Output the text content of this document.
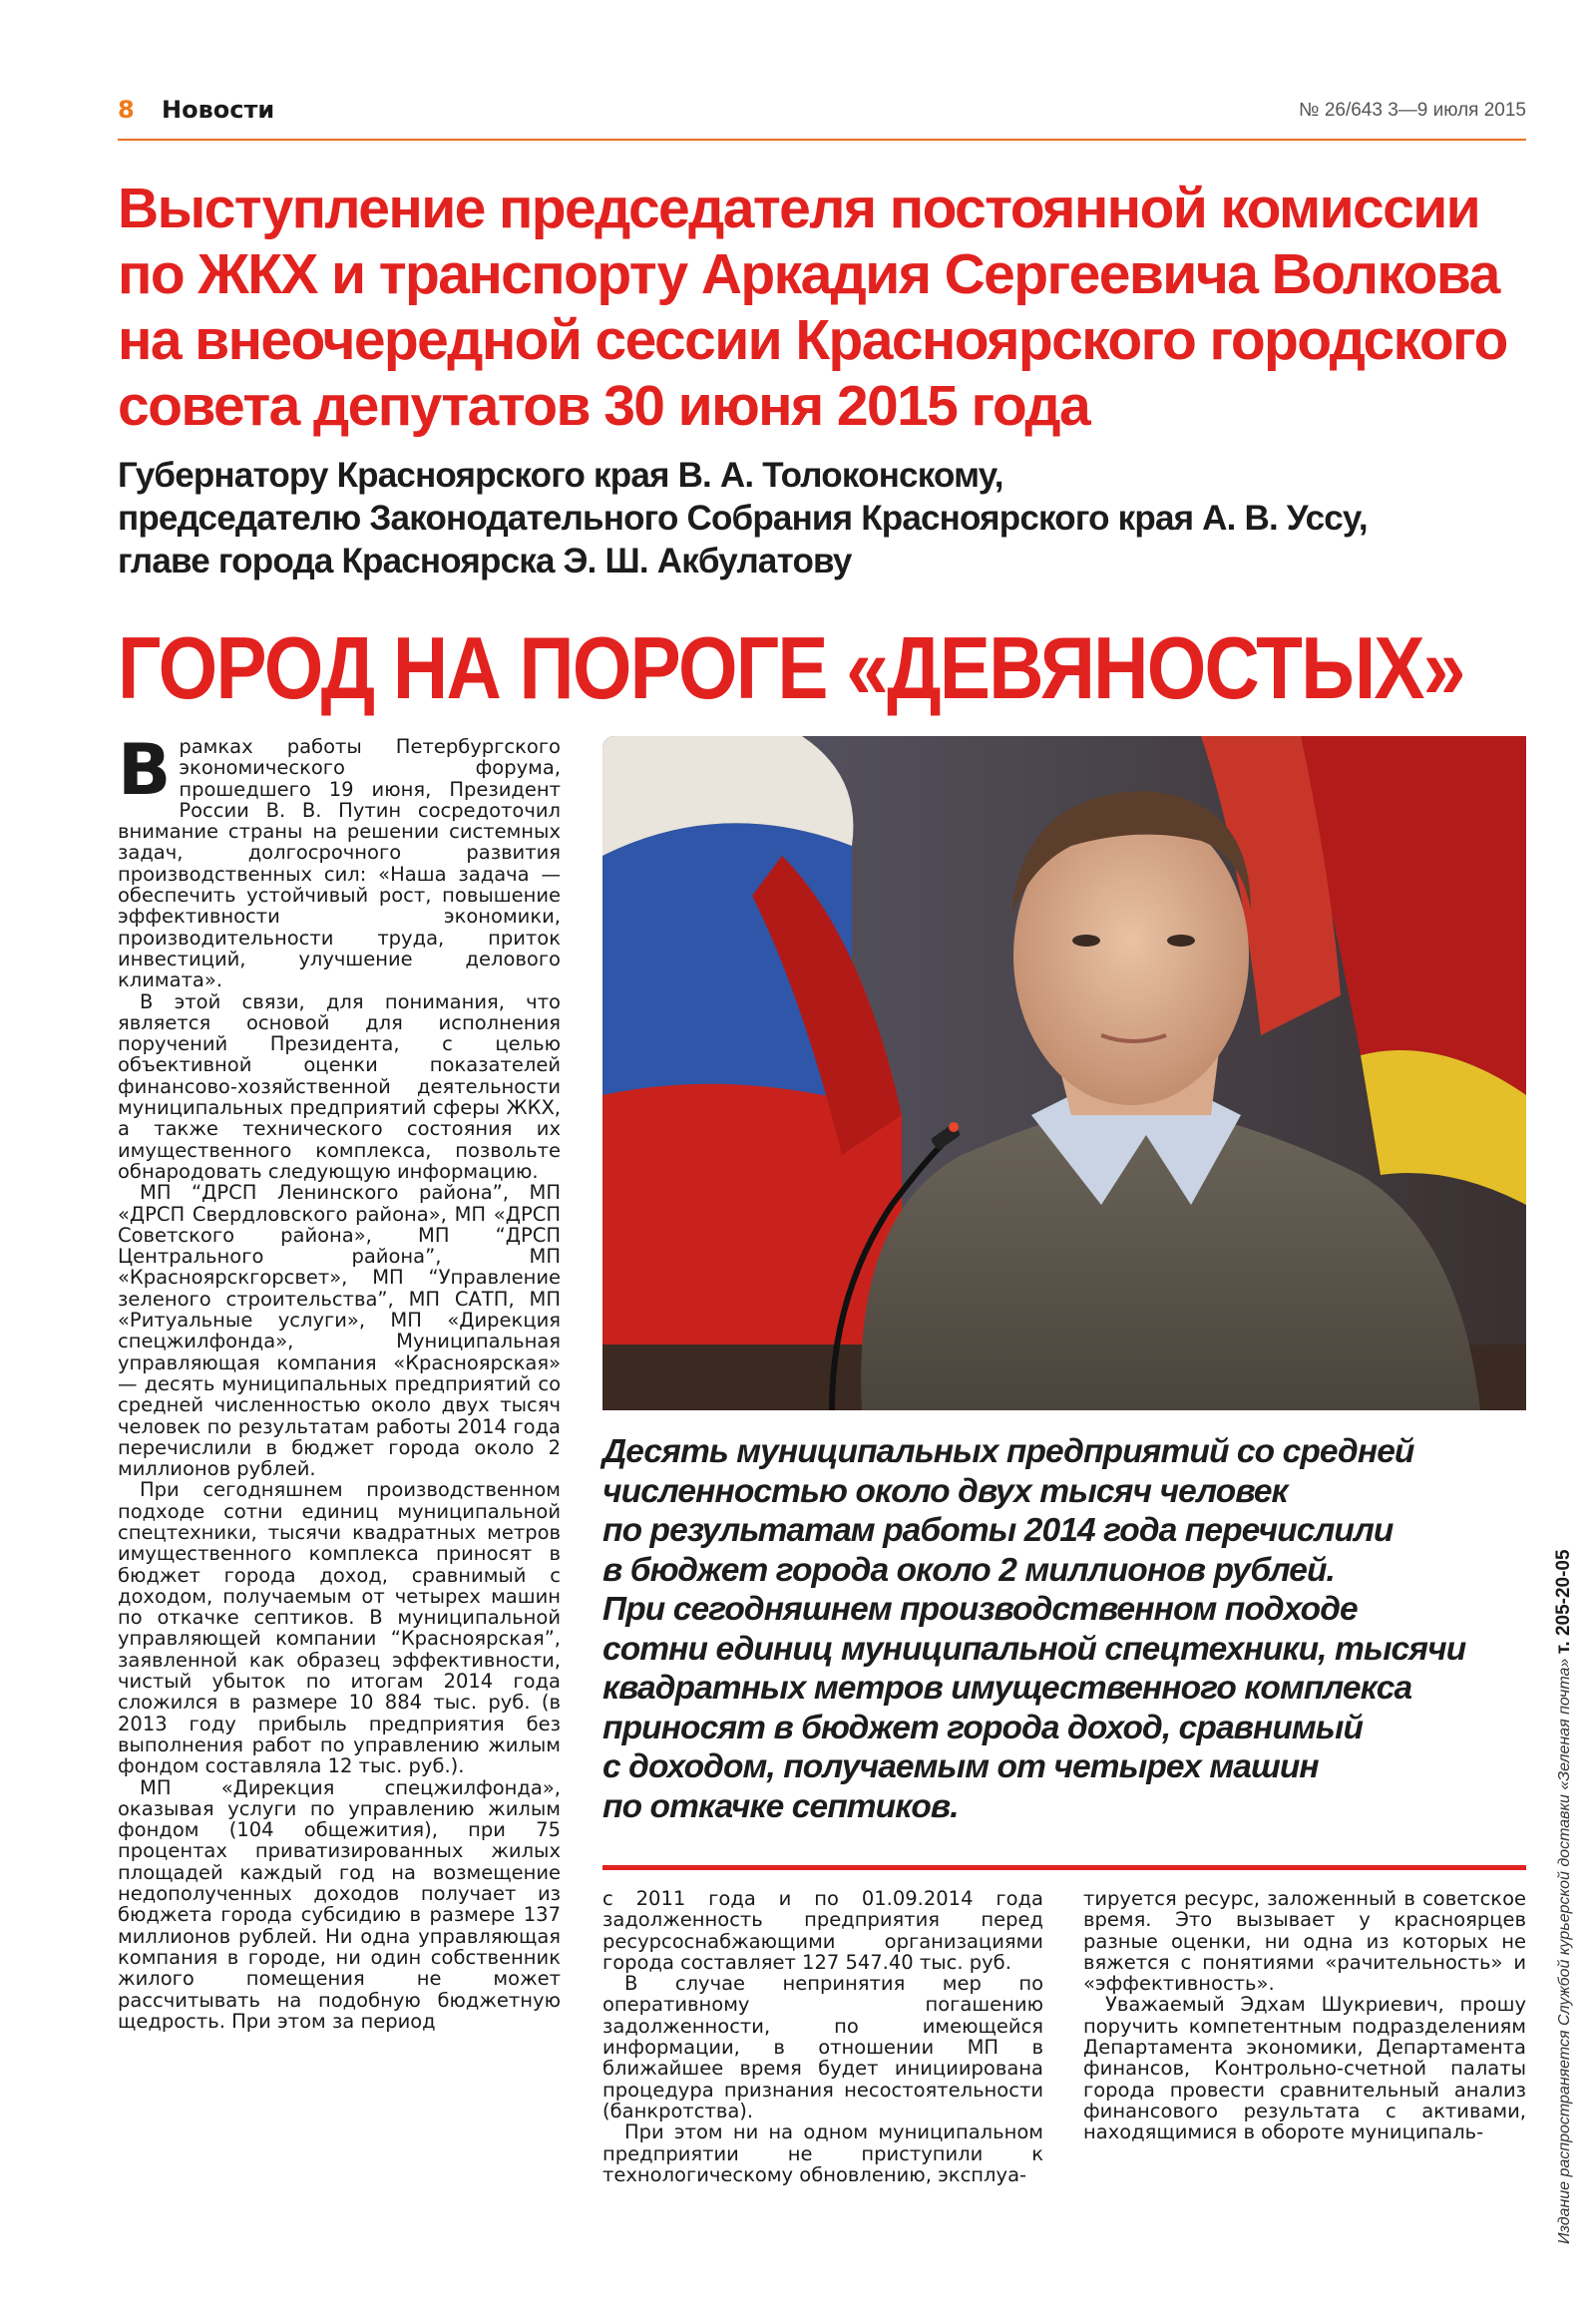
8 Новости	№ 26/643 3—9 июля 2015
Выступление председателя постоянной комиссии
по ЖКХ и транспорту Аркадия Сергеевича Волкова
на внеочередной сессии Красноярского городского
совета депутатов 30 июня 2015 года
Губернатору Красноярского края В. А. Толоконскому,
председателю Законодательного Собрания Красноярского края А. В. Уссу,
главе города Красноярска Э. Ш. Акбулатову
ГОРОД НА ПОРОГЕ «ДЕВЯНОСТЫХ»

Врамках работы Петербургского экономического форума, прошедшего 19 июня, Президент России В. В. Путин сосредоточил внимание страны на решении системных задач, долгосрочного развития производственных сил: «Наша задача — обеспечить устойчивый рост, повышение эффективности экономики, производительности труда, приток инвестиций, улучшение делового климата».

В этой связи, для понимания, что является основой для исполнения поручений Президента, с целью объективной оценки показателей финансово-хозяйственной деятельности муниципальных предприятий сферы ЖКХ, а также технического состояния их имущественного комплекса, позвольте обнародовать следующую информацию.

МП “ДРСП Ленинского района”, МП «ДРСП Свердловского района», МП «ДРСП Советского района», МП “ДРСП Центрального района”, МП «Красноярскгорсвет», МП “Управление зеленого строительства”, МП САТП, МП «Ритуальные услуги», МП «Дирекция спецжилфонда», Муниципальная управляющая компания «Красноярская» — десять муниципальных предприятий со средней численностью около двух тысяч человек по результатам работы 2014 года перечислили в бюджет города около 2 миллионов рублей.

При сегодняшнем производственном подходе сотни единиц муниципальной спецтехники, тысячи квадратных метров имущественного комплекса приносят в бюджет города доход, сравнимый с доходом, получаемым от четырех машин по откачке септиков. В муниципальной управляющей компании “Красноярская”, заявленной как образец эффективности, чистый убыток по итогам 2014 года сложился в размере 10 884 тыс. руб. (в 2013 году прибыль предприятия без выполнения работ по управлению жилым фондом составляла 12 тыс. руб.).

МП «Дирекция спецжилфонда», оказывая услуги по управлению жилым фондом (104 общежития), при 75 процентах приватизированных жилых площадей каждый год на возмещение недополученных доходов получает из бюджета города субсидию в размере 137 миллионов рублей. Ни одна управляющая компания в городе, ни один собственник жилого помещения не может рассчитывать на подобную бюджетную щедрость. При этом за период

Десять муниципальных предприятий со средней
численностью около двух тысяч человек
по результатам работы 2014 года перечислили
в бюджет города около 2 миллионов рублей.
При сегодняшнем производственном подходе
сотни единиц муниципальной спецтехники, тысячи
квадратных метров имущественного комплекса
приносят в бюджет города доход, сравнимый
с доходом, получаемым от четырех машин
по откачке септиков.

с 2011 года и по 01.09.2014 года задолженность предприятия перед ресурсоснабжающими организациями города составляет 127 547.40 тыс. руб.

В случае непринятия мер по оперативному погашению задолженности, по имеющейся информации, в отношении МП в ближайшее время будет инициирована процедура признания несостоятельности (банкротства).

При этом ни на одном муниципальном предприятии не приступили к технологическому обновлению, эксплуа-

тируется ресурс, заложенный в советское время. Это вызывает у красноярцев разные оценки, ни одна из которых не вяжется с понятиями «рачительность» и «эффективность».

Уважаемый Эдхам Шукриевич, прошу поручить компетентным подразделениям Департамента экономики, Департамента финансов, Контрольно-счетной палаты города провести сравнительный анализ финансового результата с активами, находящимися в обороте муниципаль-	Издание распространяется Службой курьерской доставки «Зеленая почта» т. 205-20-05
